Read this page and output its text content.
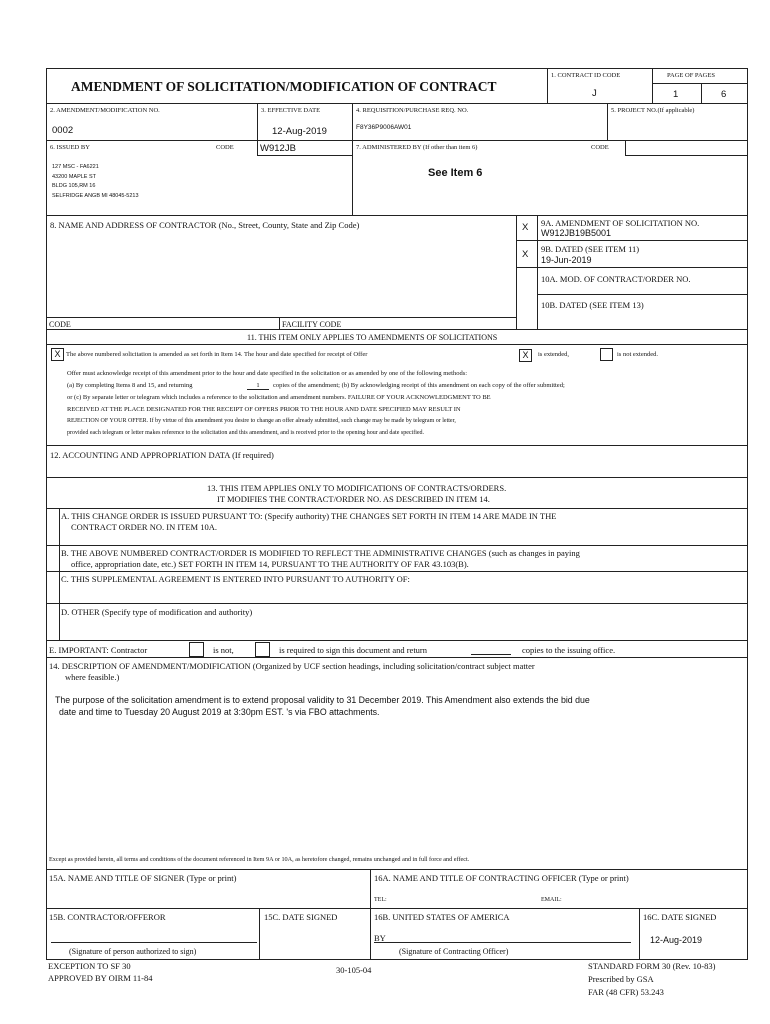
AMENDMENT OF SOLICITATION/MODIFICATION OF CONTRACT
1. CONTRACT ID CODE
J
PAGE OF PAGES
1	6
2. AMENDMENT/MODIFICATION NO.
0002
3. EFFECTIVE DATE
12-Aug-2019
4. REQUISITION/PURCHASE REQ. NO.
F8Y36P9006AW01
5. PROJECT NO.(If applicable)
6. ISSUED BY	CODE
127 MSC - FA6221
43200 MAPLE ST
BLDG 105,RM 16
SELFRIDGE ANGB MI 48045-5213
W912JB	7. ADMINISTERED BY (If other than item 6)	CODE
See Item 6
8. NAME AND ADDRESS OF CONTRACTOR (No., Street, County, State and Zip Code)
CODE	FACILITY CODE
X 9A. AMENDMENT OF SOLICITATION NO.
W912JB19B5001
X 9B. DATED (SEE ITEM 11)
19-Jun-2019
10A. MOD. OF CONTRACT/ORDER NO.
10B. DATED (SEE ITEM 13)
11. THIS ITEM ONLY APPLIES TO AMENDMENTS OF SOLICITATIONS
X The above numbered solicitation is amended as set forth in Item 14. The hour and date specified for receipt of Offer	X	is extended,	is not extended.
Offer must acknowledge receipt of this amendment prior to the hour and date specified in the solicitation or as amended by one of the following methods:
(a) By completing Items 8 and 15, and returning	1	copies of the amendment; (b) By acknowledging receipt of this amendment on each copy of the offer submitted;
or (c) By separate letter or telegram which includes a reference to the solicitation and amendment numbers. FAILURE OF YOUR ACKNOWLEDGMENT TO BE
RECEIVED AT THE PLACE DESIGNATED FOR THE RECEIPT OF OFFERS PRIOR TO THE HOUR AND DATE SPECIFIED MAY RESULT IN
REJECTION OF YOUR OFFER. If by virtue of this amendment you desire to change an offer already submitted, such change may be made by telegram or letter,
provided each telegram or letter makes reference to the solicitation and this amendment, and is received prior to the opening hour and date specified.
12. ACCOUNTING AND APPROPRIATION DATA (If required)
13. THIS ITEM APPLIES ONLY TO MODIFICATIONS OF CONTRACTS/ORDERS.
IT MODIFIES THE CONTRACT/ORDER NO. AS DESCRIBED IN ITEM 14.
A. THIS CHANGE ORDER IS ISSUED PURSUANT TO: (Specify authority) THE CHANGES SET FORTH IN ITEM 14 ARE MADE IN THE
CONTRACT ORDER NO. IN ITEM 10A.
B. THE ABOVE NUMBERED CONTRACT/ORDER IS MODIFIED TO REFLECT THE ADMINISTRATIVE CHANGES (such as changes in paying
office, appropriation date, etc.) SET FORTH IN ITEM 14, PURSUANT TO THE AUTHORITY OF FAR 43.103(B).
C. THIS SUPPLEMENTAL AGREEMENT IS ENTERED INTO PURSUANT TO AUTHORITY OF:
D. OTHER (Specify type of modification and authority)
E. IMPORTANT: Contractor	is not,	is required to sign this document and return	copies to the issuing office.
14. DESCRIPTION OF AMENDMENT/MODIFICATION (Organized by UCF section headings, including solicitation/contract subject matter
where feasible.)
The purpose of the solicitation amendment is to extend proposal validity to 31 December 2019. This Amendment also extends the bid due
date and time to Tuesday 20 August 2019 at 3:30pm EST. 's via FBO attachments.
Except as provided herein, all terms and conditions of the document referenced in Item 9A or 10A, as heretofore changed, remains unchanged and in full force and effect.
15A. NAME AND TITLE OF SIGNER (Type or print)	16A. NAME AND TITLE OF CONTRACTING OFFICER (Type or print)
TEL:	EMAIL:
15B. CONTRACTOR/OFFEROR
(Signature of person authorized to sign)
15C. DATE SIGNED	16B. UNITED STATES OF AMERICA
BY
(Signature of Contracting Officer)
16C. DATE SIGNED
12-Aug-2019
EXCEPTION TO SF 30
APPROVED BY OIRM 11-84
30-105-04	STANDARD FORM 30 (Rev. 10-83)
Prescribed by GSA
FAR (48 CFR) 53.243
